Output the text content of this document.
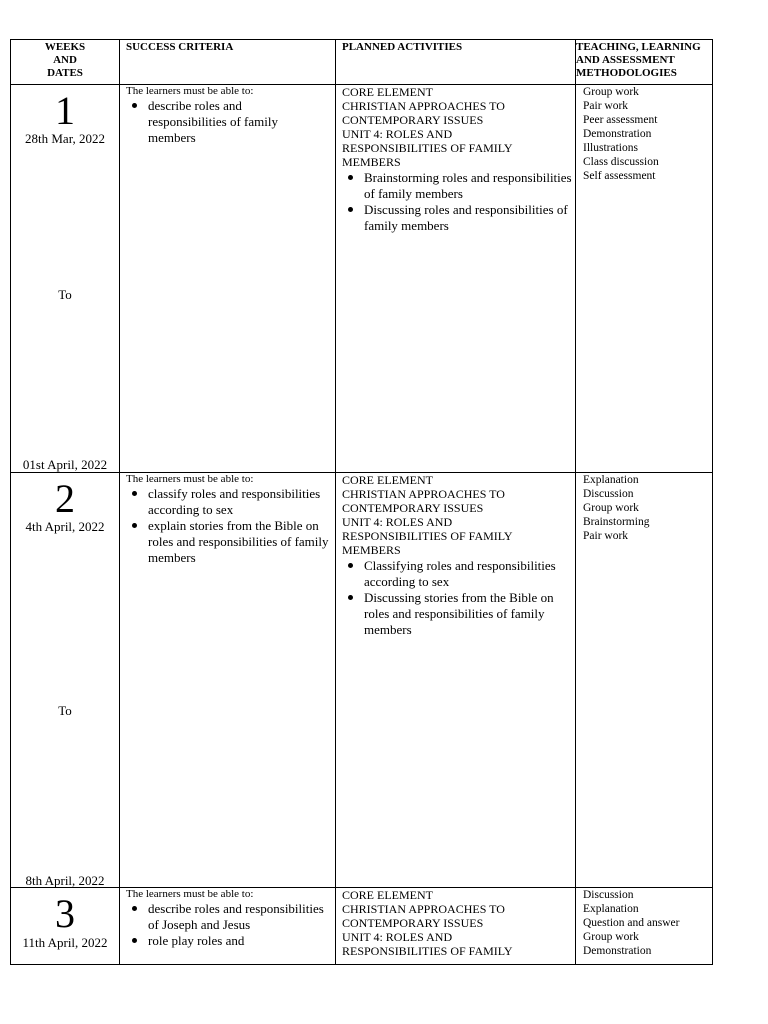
WEEKS
AND
DATES
SUCCESS CRITERIA	PLANNED ACTIVITIES	TEACHING, LEARNING
AND ASSESSMENT
METHODOLOGIES
1
28th Mar, 2022
To
01st April, 2022
The learners must be able to:
describe roles and responsibilities of family members
CORE ELEMENT
CHRISTIAN APPROACHES TO
CONTEMPORARY ISSUES
UNIT 4: ROLES AND
RESPONSIBILITIES OF FAMILY
MEMBERS
Brainstorming roles and responsibilities of family members
Discussing roles and responsibilities of family members
Group work
Pair work
Peer assessment
Demonstration
Illustrations
Class discussion
Self assessment
2
4th April, 2022
To
8th April, 2022
The learners must be able to:
classify roles and responsibilities according to sex
explain stories from the Bible on roles and responsibilities of family members
CORE ELEMENT
CHRISTIAN APPROACHES TO
CONTEMPORARY ISSUES
UNIT 4: ROLES AND
RESPONSIBILITIES OF FAMILY
MEMBERS
Classifying roles and responsibilities according to sex
Discussing stories from the Bible on roles and responsibilities of family members
Explanation
Discussion
Group work
Brainstorming
Pair work
3
11th April, 2022
The learners must be able to:
describe roles and responsibilities of Joseph and Jesus
role play roles and
CORE ELEMENT
CHRISTIAN APPROACHES TO
CONTEMPORARY ISSUES
UNIT 4: ROLES AND
RESPONSIBILITIES OF FAMILY
Discussion
Explanation
Question and answer
Group work
Demonstration
